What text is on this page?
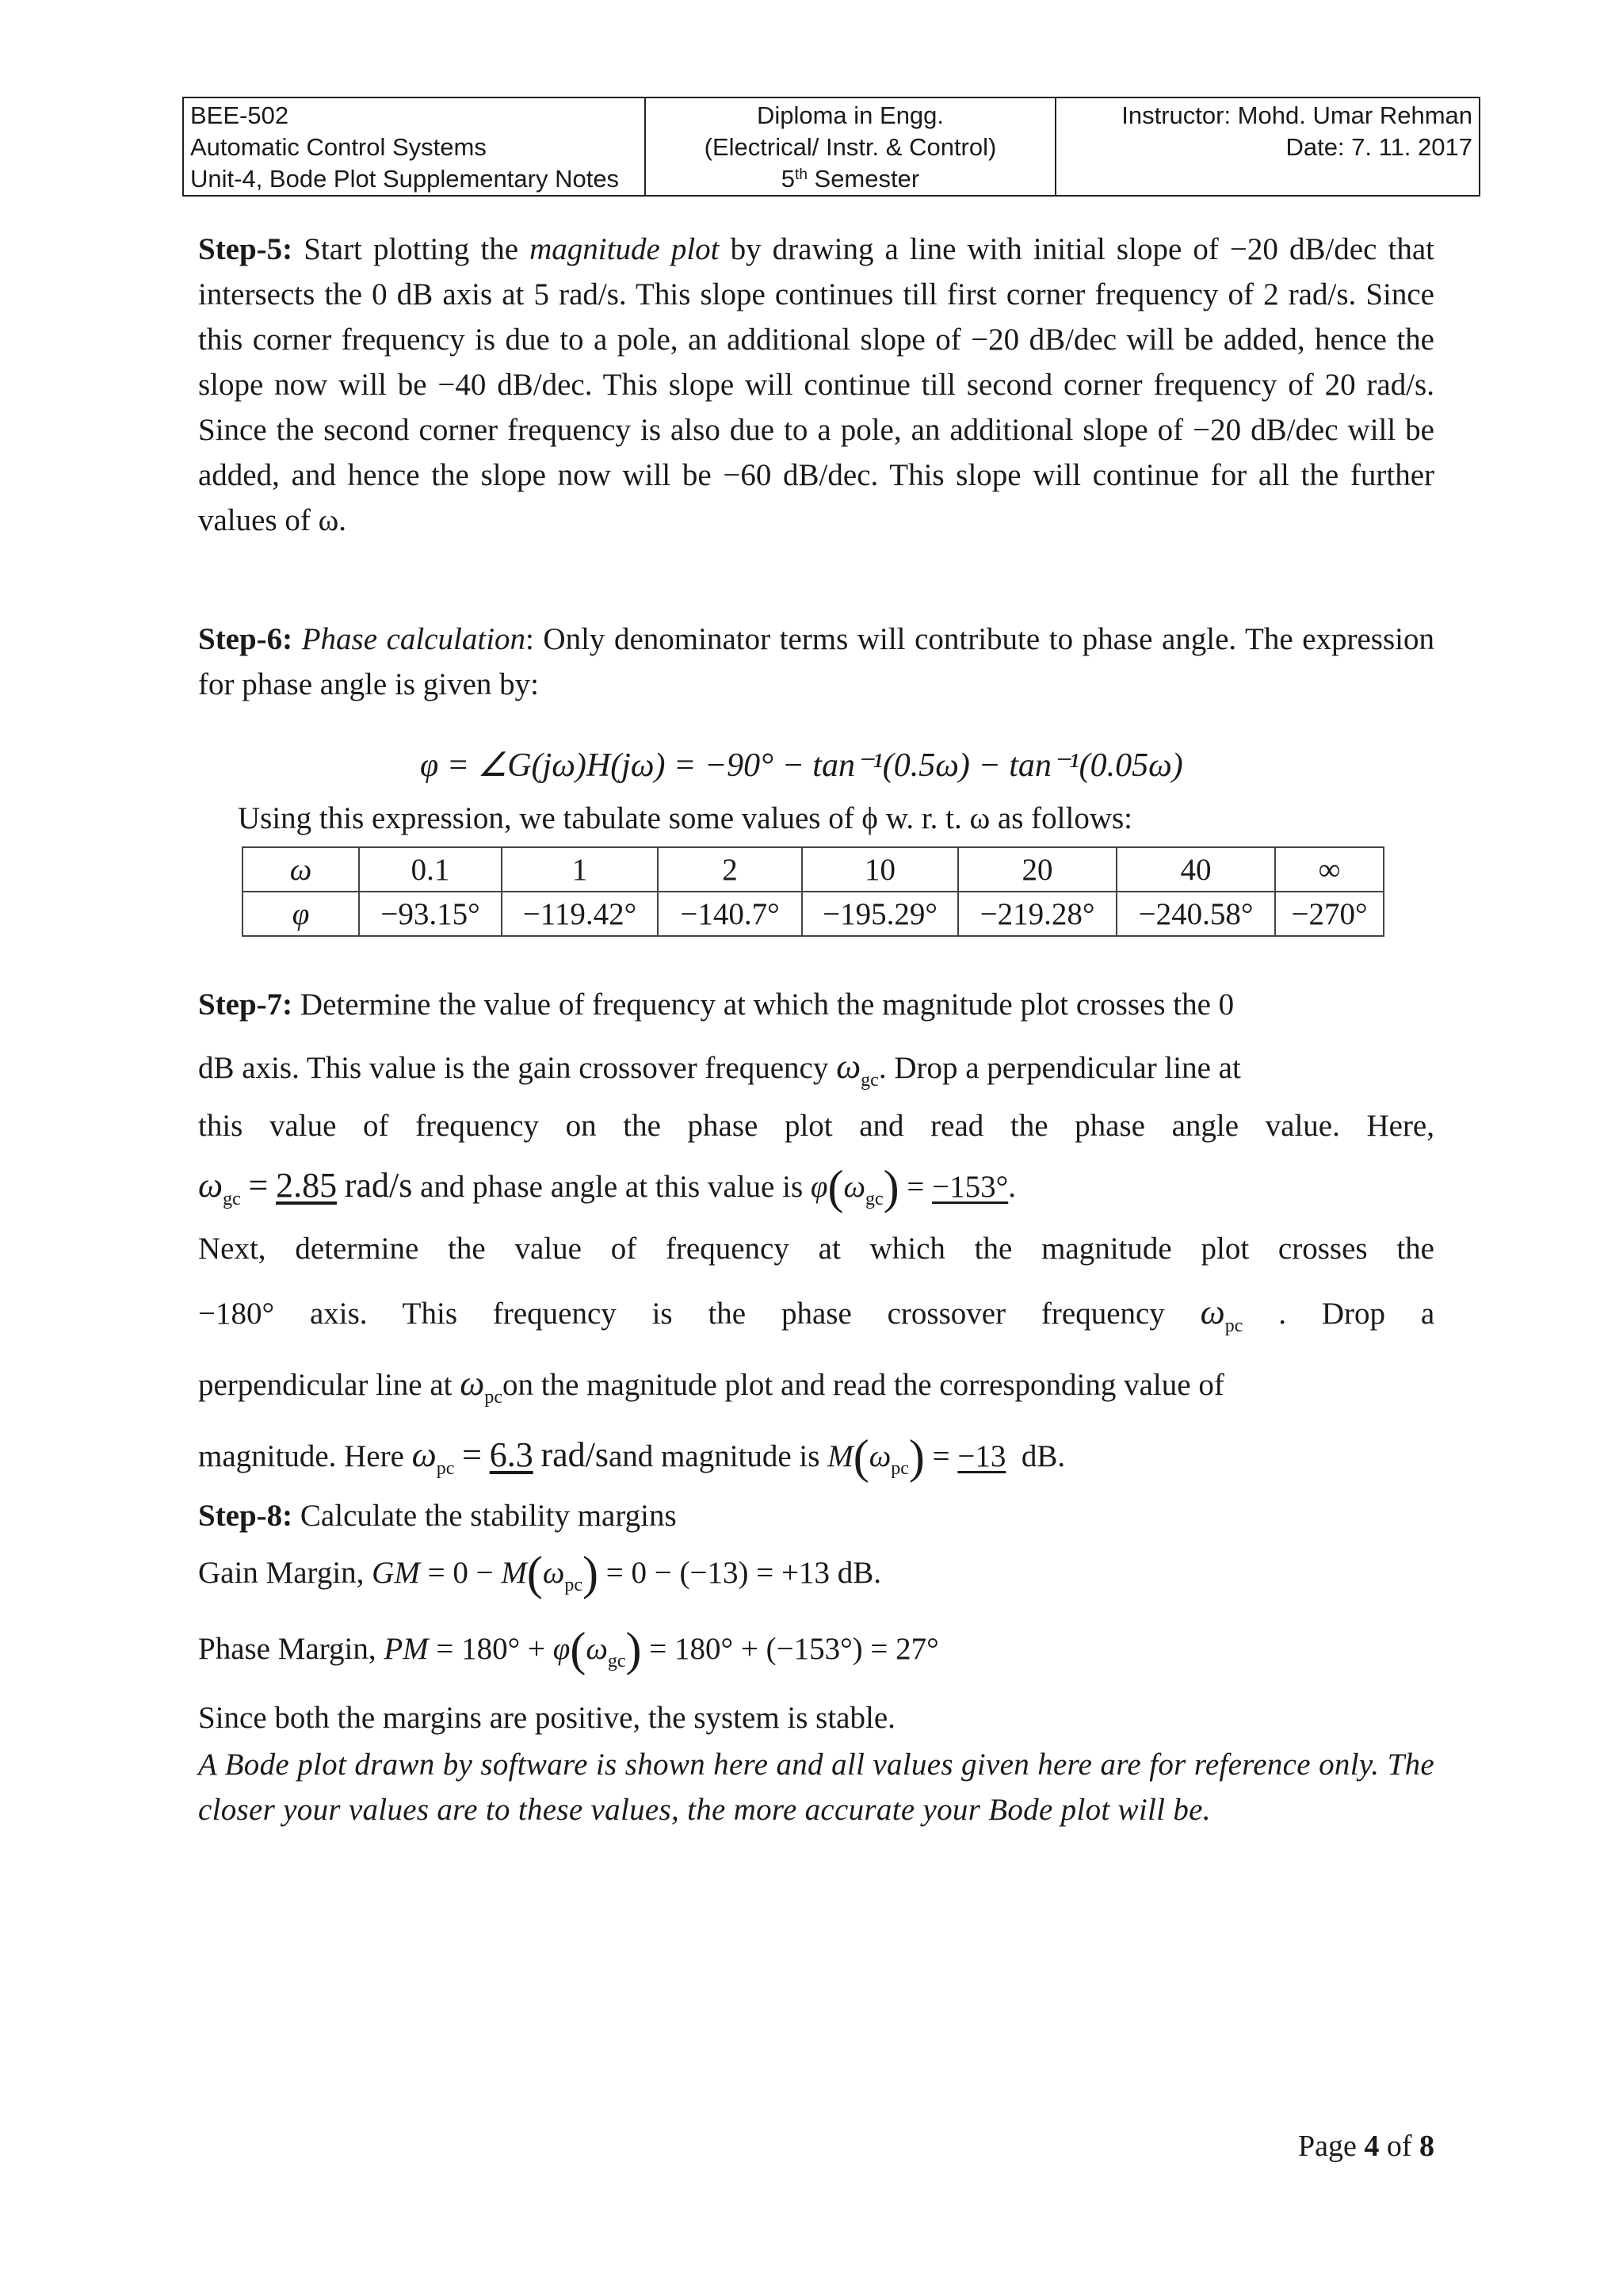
BEE-502
Automatic Control Systems
Unit-4, Bode Plot Supplementary Notes
Diploma in Engg.
(Electrical/ Instr. & Control)
5th Semester
Instructor: Mohd. Umar Rehman
Date: 7. 11. 2017
Step-5: Start plotting the magnitude plot by drawing a line with initial slope of −20 dB/dec that intersects the 0 dB axis at 5 rad/s. This slope continues till first corner frequency of 2 rad/s. Since this corner frequency is due to a pole, an additional slope of −20 dB/dec will be added, hence the slope now will be −40 dB/dec. This slope will continue till second corner frequency of 20 rad/s. Since the second corner frequency is also due to a pole, an additional slope of −20 dB/dec will be added, and hence the slope now will be −60 dB/dec. This slope will continue for all the further values of ω.
Step-6: Phase calculation: Only denominator terms will contribute to phase angle. The expression for phase angle is given by:
φ = ∠G(jω)H(jω) = −90° − tan⁻¹(0.5ω) − tan⁻¹(0.05ω)
Using this expression, we tabulate some values of ϕ w. r. t. ω as follows:
ω	0.1	1	2	10	20	40	∞
φ	−93.15°	−119.42°	−140.7°	−195.29°	−219.28°	−240.58°	−270°
Step-7: Determine the value of frequency at which the magnitude plot crosses the 0
dB axis. This value is the gain crossover frequency $\omega_{gc}$. Drop a perpendicular line at
this value of frequency on the phase plot and read the phase angle value. Here,
$\omega_{gc} = 2.85$ rad/s and phase angle at this value is $\varphi(\omega_{gc}) = -153^\circ$.
Next, determine the value of frequency at which the magnitude plot crosses the
−180° axis. This frequency is the phase crossover frequency $\omega_{pc}$ . Drop a
perpendicular line at $\omega_{pc}on$ the magnitude plot and read the corresponding value of
magnitude. Here $\omega_{pc} = 6.3$ rad/sand magnitude is $M(\omega_{pc}) = -13$ dB.
Step-8: Calculate the stability margins
Gain Margin, GM = $0 - M(\omega_{pc}) = 0 - (-13) = +13$ dB.
Phase Margin, PM = $180^\circ + \varphi(\omega_{gc}) = 180^\circ + (-153^\circ) = 27^\circ$
Since both the margins are positive, the system is stable.
A Bode plot drawn by software is shown here and all values given here are for reference only. The closer your values are to these values, the more accurate your Bode plot will be.
Page 4 of 8
